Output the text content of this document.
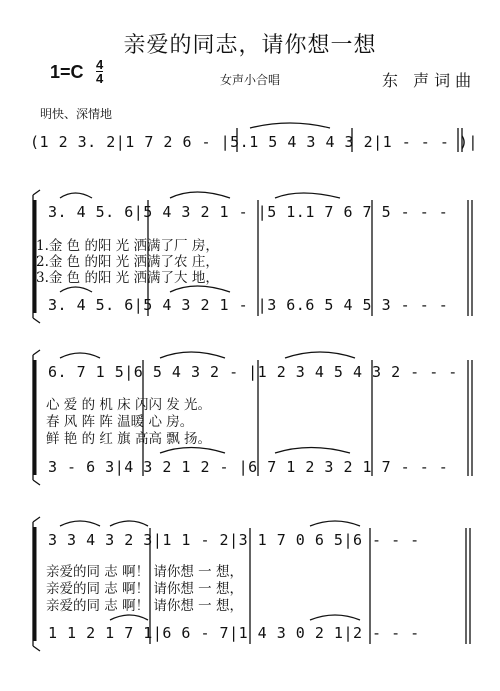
亲爱的同志，请你想一想
1=C 4
4	女声小合唱	东 声词曲
明快、深情地
(1 2 3. 2|1 7 2 6 - |5.1 5 4 3 4 3 2|1 - - - )|
3. 4 5. 6|5 4 3 2 1 - |5 1.1 7 6 7 5 - - -
1.金 色 的阳 光 洒满了厂 房，
2.金 色 的阳 光 洒满了农 庄，
3.金 色 的阳 光 洒满了大 地，
3. 4 5. 6|5 4 3 2 1 - |3 6.6 5 4 5 3 - - -
6. 7 1 5|6 5 4 3 2 - |1 2 3 4 5 4 3 2 - - -
心 爱 的 机 床 闪闪 发 光。
春 风 阵 阵 温暖 心 房。
鲜 艳 的 红 旗 高高 飘 扬。
3 - 6 3|4 3 2 1 2 - |6 7 1 2 3 2 1 7 - - -
3 3 4 3 2 3|1 1 - 2|3 1 7 0 6 5|6 - - -
亲爱的同 志 啊！ 请你想 一 想，
亲爱的同 志 啊！ 请你想 一 想，
亲爱的同 志 啊！ 请你想 一 想，
1 1 2 1 7 1|6 6 - 7|1 4 3 0 2 1|2 - - -
